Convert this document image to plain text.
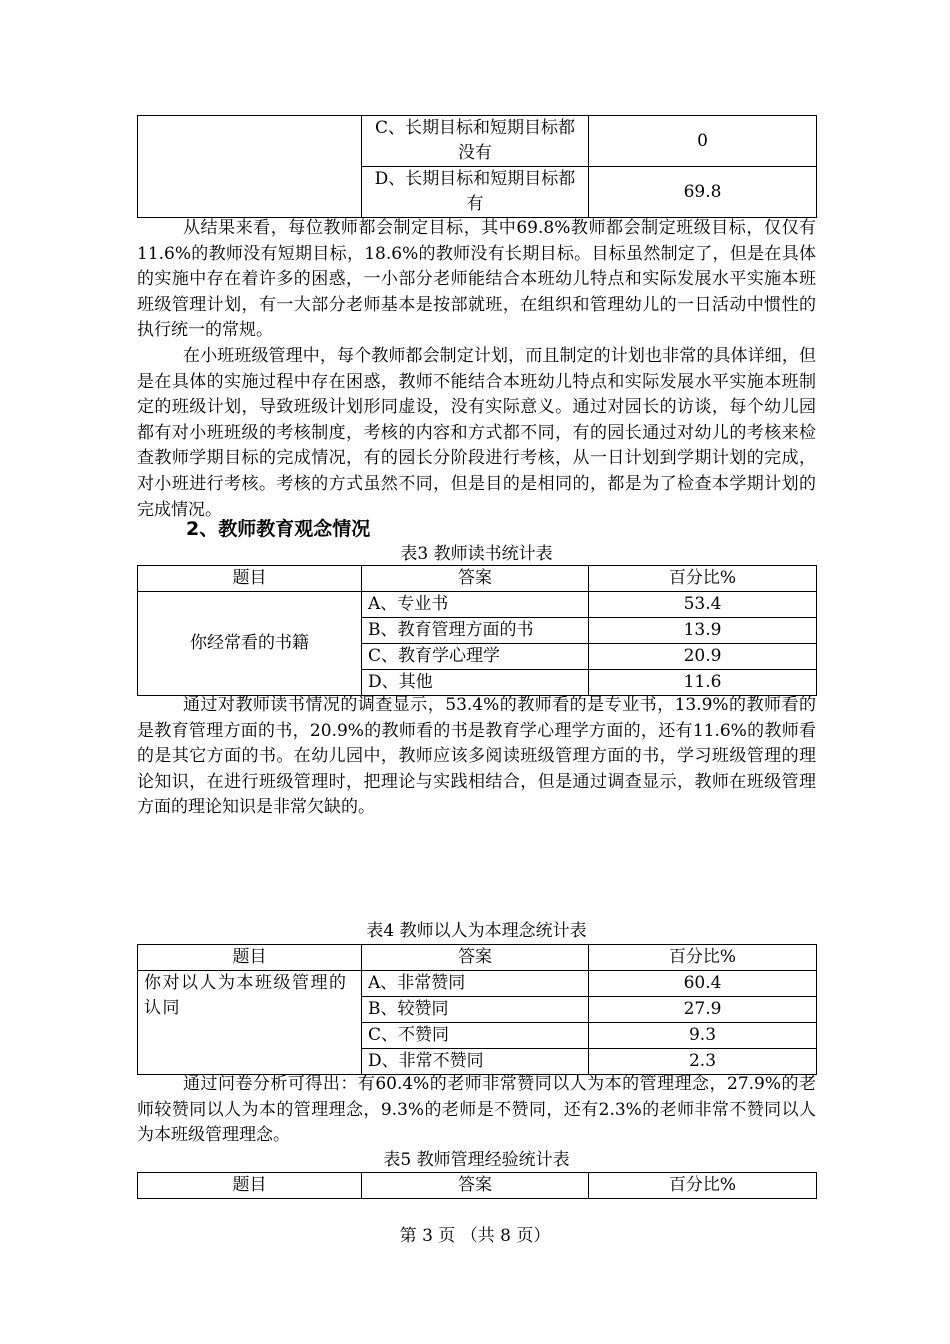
	C、长期目标和短期目标都没有	0
	D、长期目标和短期目标都有	69.8

从结果来看，每位教师都会制定目标，其中69.8%教师都会制定班级目标，仅仅有11.6%的教师没有短期目标，18.6%的教师没有长期目标。目标虽然制定了，但是在具体的实施中存在着许多的困惑，一小部分老师能结合本班幼儿特点和实际发展水平实施本班班级管理计划，有一大部分老师基本是按部就班，在组织和管理幼儿的一日活动中惯性的执行统一的常规。

在小班班级管理中，每个教师都会制定计划，而且制定的计划也非常的具体详细，但是在具体的实施过程中存在困惑，教师不能结合本班幼儿特点和实际发展水平实施本班制定的班级计划，导致班级计划形同虚设，没有实际意义。通过对园长的访谈，每个幼儿园都有对小班班级的考核制度，考核的内容和方式都不同，有的园长通过对幼儿的考核来检查教师学期目标的完成情况，有的园长分阶段进行考核，从一日计划到学期计划的完成，对小班进行考核。考核的方式虽然不同，但是目的是相同的，都是为了检查本学期计划的完成情况。

2、教师教育观念情况
表3 教师读书统计表
题目	答案	百分比%
你经常看的书籍	A、专业书	53.4
	B、教育管理方面的书	13.9
	C、教育学心理学	20.9
	D、其他	11.6

通过对教师读书情况的调查显示，53.4%的教师看的是专业书，13.9%的教师看的是教育管理方面的书，20.9%的教师看的书是教育学心理学方面的，还有11.6%的教师看的是其它方面的书。在幼儿园中，教师应该多阅读班级管理方面的书，学习班级管理的理论知识，在进行班级管理时，把理论与实践相结合，但是通过调查显示，教师在班级管理方面的理论知识是非常欠缺的。

表4 教师以人为本理念统计表
题目	答案	百分比%
你对以人为本班级管理的认同	A、非常赞同	60.4
	B、较赞同	27.9
	C、不赞同	9.3
	D、非常不赞同	2.3

通过问卷分析可得出：有60.4%的老师非常赞同以人为本的管理理念，27.9%的老师较赞同以人为本的管理理念，9.3%的老师是不赞同，还有2.3%的老师非常不赞同以人为本班级管理理念。

表5 教师管理经验统计表
题目	答案	百分比%
第 3 页 （共 8 页）
